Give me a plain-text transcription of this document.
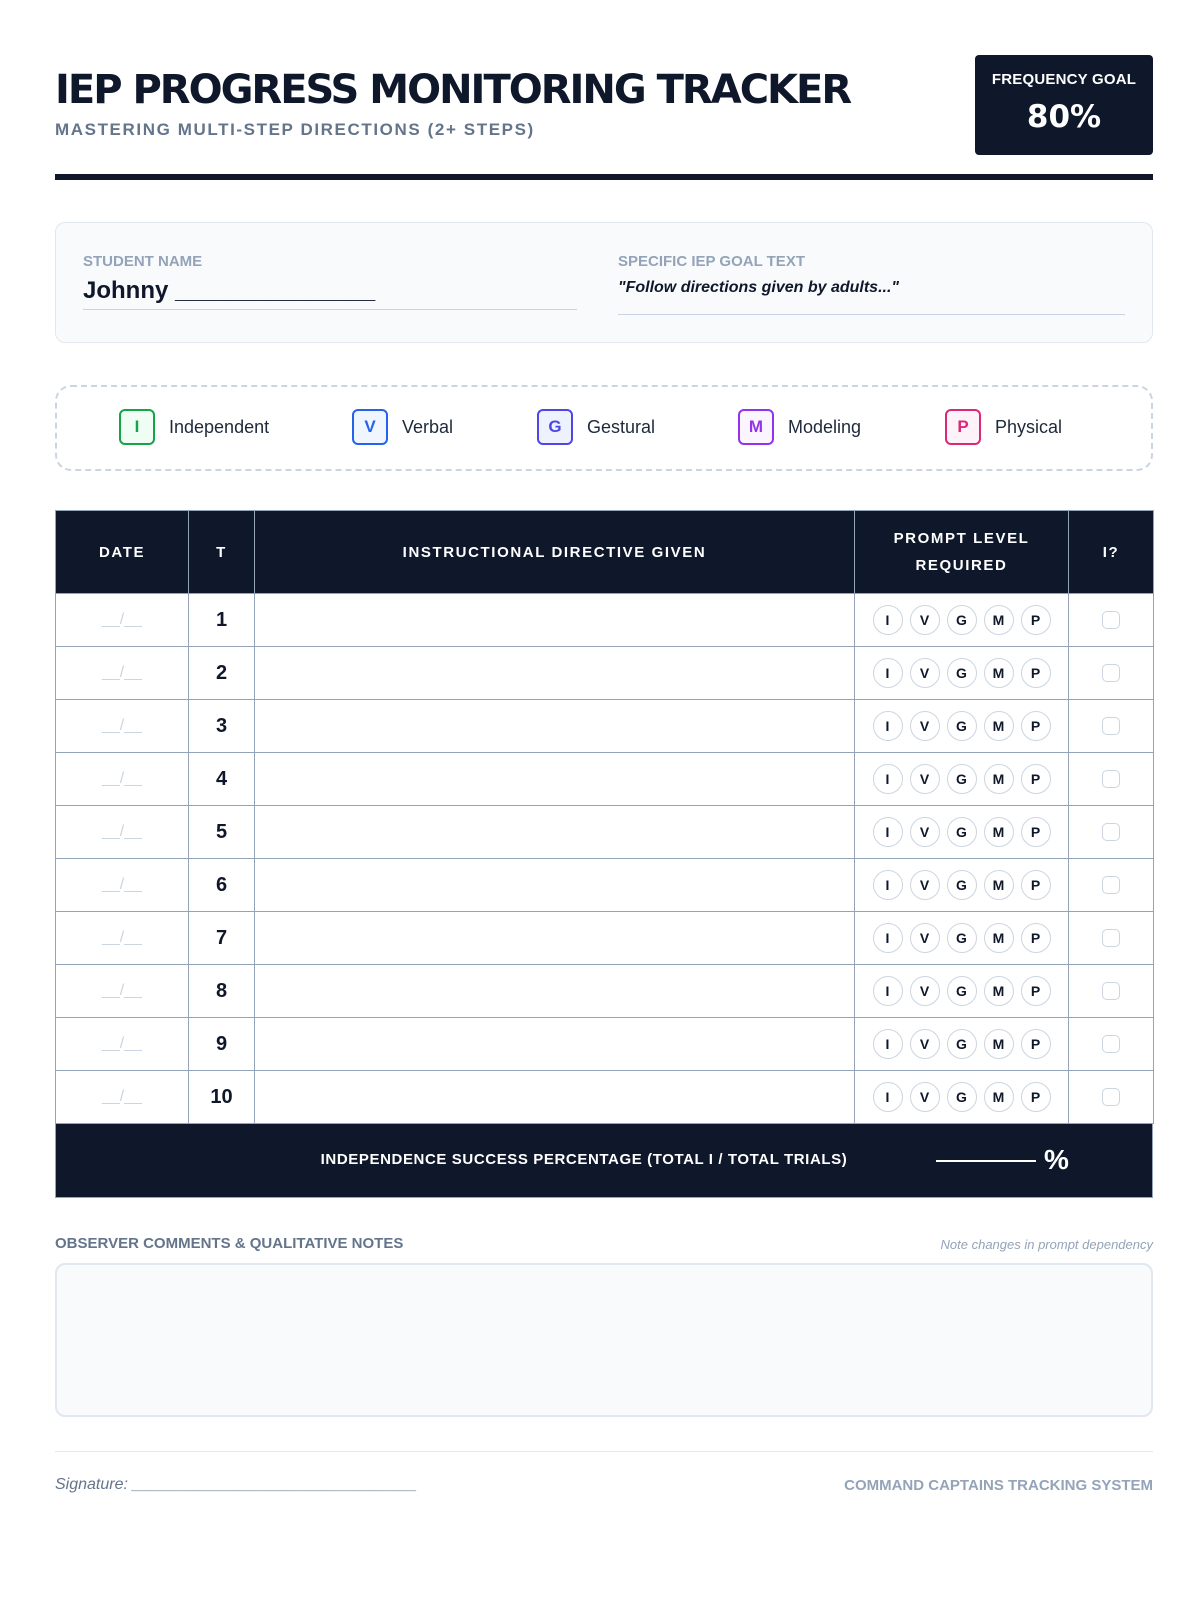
IEP PROGRESS MONITORING TRACKER
MASTERING MULTI-STEP DIRECTIONS (2+ STEPS)
FREQUENCY GOAL
80%
STUDENT NAME
Johnny _______________
SPECIFIC IEP GOAL TEXT
"Follow directions given by adults..."
I	Independent	V	Verbal	G	Gestural	M	Modeling	P	Physical
DATE	T	INSTRUCTIONAL DIRECTIVE GIVEN	PROMPT LEVEL REQUIRED	I?
__/__	1		I V G M P	

__/__	2		I V G M P	

__/__	3		I V G M P	

__/__	4		I V G M P	

__/__	5		I V G M P	

__/__	6		I V G M P	

__/__	7		I V G M P	

__/__	8		I V G M P	

__/__	9		I V G M P	

__/__	10		I V G M P	

INDEPENDENCE SUCCESS PERCENTAGE (TOTAL I / TOTAL TRIALS)	%
OBSERVER COMMENTS & QUALITATIVE NOTES	Note changes in prompt dependency
Signature: ________________________________	COMMAND CAPTAINS TRACKING SYSTEM
